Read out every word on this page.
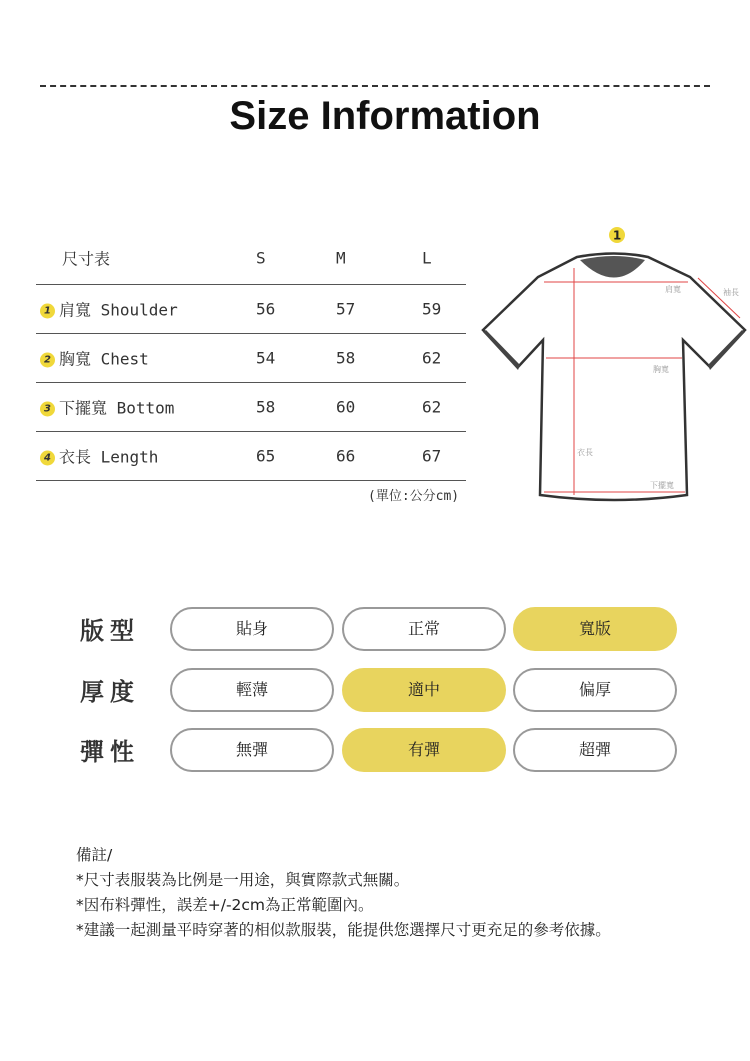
Size Information
尺寸表	S	M	L
1 肩寬 Shoulder	56	57	59
2 胸寬 Chest	54	58	62
3 下擺寬 Bottom	58	60	62
4 衣長 Length	65	66	67
(單位:公分cm)
1
肩寬	袖長
胸寬
衣長
下擺寬
版型	貼身	正常	寬版
厚度	輕薄	適中	偏厚
彈性	無彈	有彈	超彈
備註/
*尺寸表服裝為比例是一用途，與實際款式無關。
*因布料彈性，誤差+/-2cm為正常範圍內。
*建議一起測量平時穿著的相似款服裝，能提供您選擇尺寸更充足的參考依據。
